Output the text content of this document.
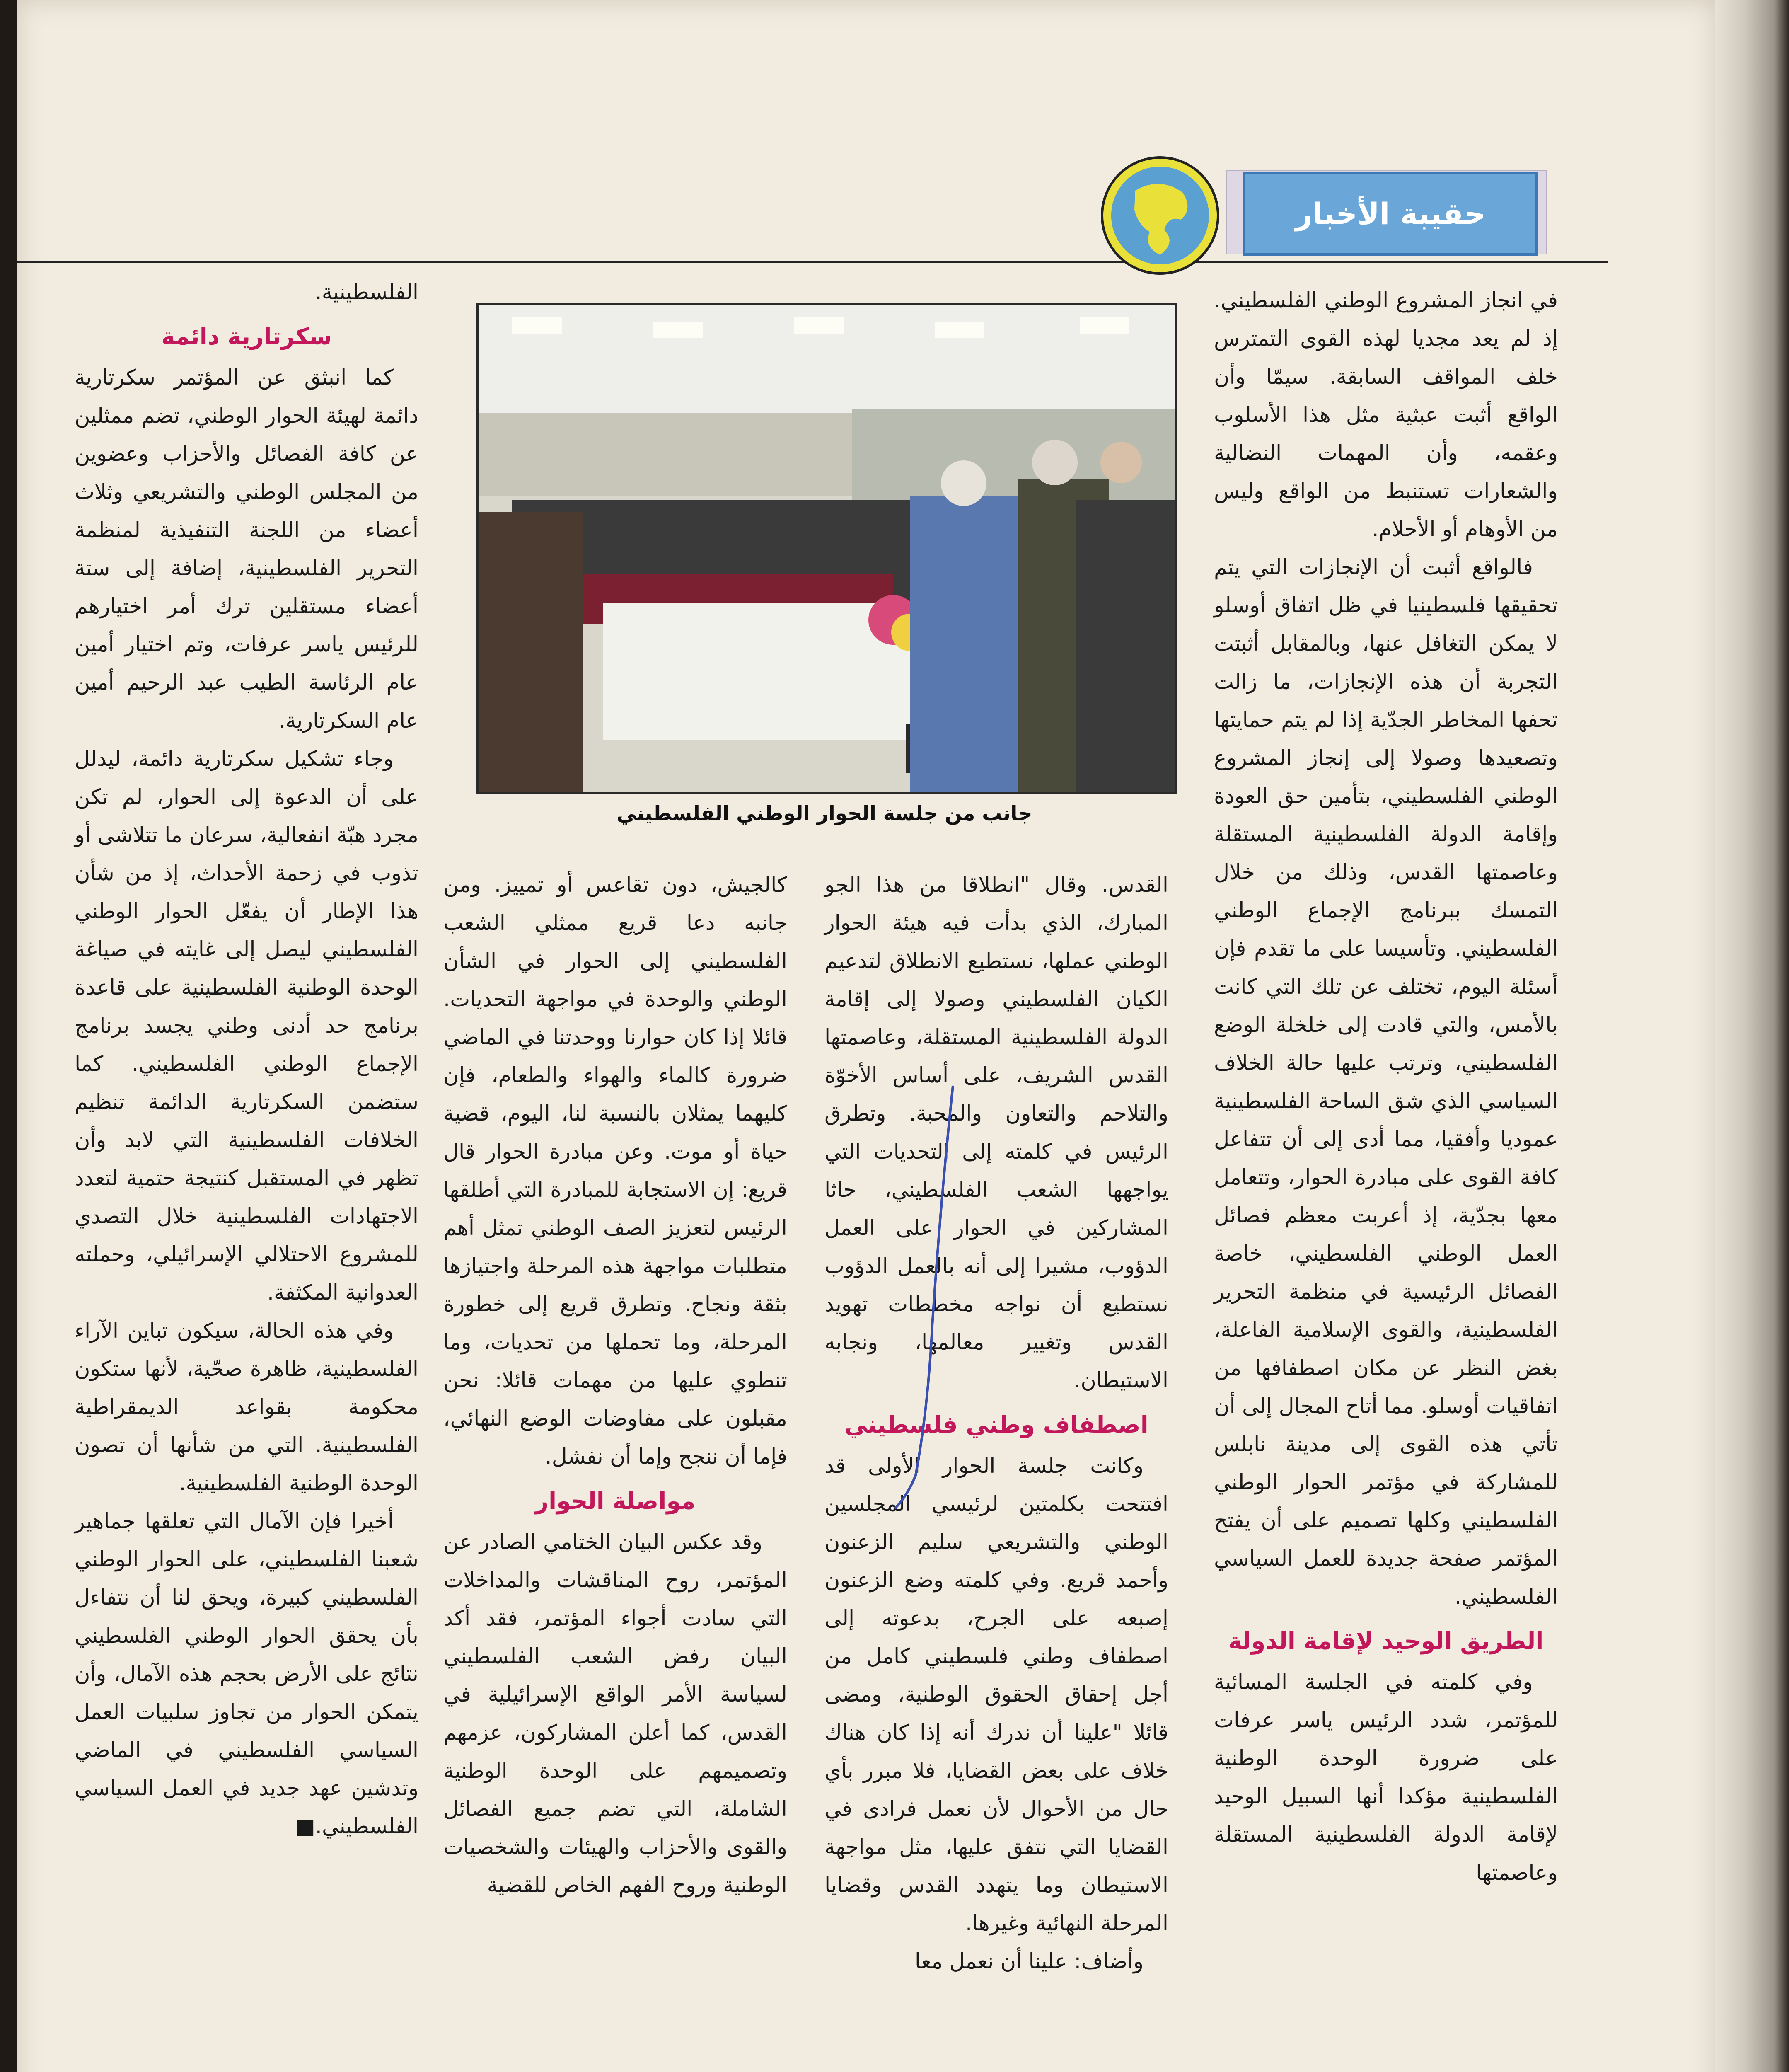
حقيبة الأخبار
جانب من جلسة الحوار الوطني الفلسطيني

في انجاز المشروع الوطني الفلسطيني. إذ لم يعد مجديا لهذه القوى التمترس خلف المواقف السابقة. سيمّا وأن الواقع أثبت عبثية مثل هذا الأسلوب وعقمه، وأن المهمات النضالية والشعارات تستنبط من الواقع وليس من الأوهام أو الأحلام.

فالواقع أثبت أن الإنجازات التي يتم تحقيقها فلسطينيا في ظل اتفاق أوسلو لا يمكن التغافل عنها، وبالمقابل أثبتت التجربة أن هذه الإنجازات، ما زالت تحفها المخاطر الجدّية إذا لم يتم حمايتها وتصعيدها وصولا إلى إنجاز المشروع الوطني الفلسطيني، بتأمين حق العودة وإقامة الدولة الفلسطينية المستقلة وعاصمتها القدس، وذلك من خلال التمسك ببرنامج الإجماع الوطني الفلسطيني. وتأسيسا على ما تقدم فإن أسئلة اليوم، تختلف عن تلك التي كانت بالأمس، والتي قادت إلى خلخلة الوضع الفلسطيني، وترتب عليها حالة الخلاف السياسي الذي شق الساحة الفلسطينية عموديا وأفقيا، مما أدى إلى أن تتفاعل كافة القوى على مبادرة الحوار، وتتعامل معها بجدّية، إذ أعربت معظم فصائل العمل الوطني الفلسطيني، خاصة الفصائل الرئيسية في منظمة التحرير الفلسطينية، والقوى الإسلامية الفاعلة، بغض النظر عن مكان اصطفافها من اتفاقيات أوسلو. مما أتاح المجال إلى أن تأتي هذه القوى إلى مدينة نابلس للمشاركة في مؤتمر الحوار الوطني الفلسطيني وكلها تصميم على أن يفتح المؤتمر صفحة جديدة للعمل السياسي الفلسطيني.

الطريق الوحيد لإقامة الدولة

وفي كلمته في الجلسة المسائية للمؤتمر، شدد الرئيس ياسر عرفات على ضرورة الوحدة الوطنية الفلسطينية مؤكدا أنها السبيل الوحيد لإقامة الدولة الفلسطينية المستقلة وعاصمتها

القدس. وقال "انطلاقا من هذا الجو المبارك، الذي بدأت فيه هيئة الحوار الوطني عملها، نستطيع الانطلاق لتدعيم الكيان الفلسطيني وصولا إلى إقامة الدولة الفلسطينية المستقلة، وعاصمتها القدس الشريف، على أساس الأخوّة والتلاحم والتعاون والمحبة. وتطرق الرئيس في كلمته إلى التحديات التي يواجهها الشعب الفلسطيني، حاثا المشاركين في الحوار على العمل الدؤوب، مشيرا إلى أنه بالعمل الدؤوب نستطيع أن نواجه مخططات تهويد القدس وتغيير معالمها، ونجابه الاستيطان.

اصطفاف وطني فلسطيني

وكانت جلسة الحوار الأولى قد افتتحت بكلمتين لرئيسي المجلسين الوطني والتشريعي سليم الزعنون وأحمد قريع. وفي كلمته وضع الزعنون إصبعه على الجرح، بدعوته إلى اصطفاف وطني فلسطيني كامل من أجل إحقاق الحقوق الوطنية، ومضى قائلا "علينا أن ندرك أنه إذا كان هناك خلاف على بعض القضايا، فلا مبرر بأي حال من الأحوال لأن نعمل فرادى في القضايا التي نتفق عليها، مثل مواجهة الاستيطان وما يتهدد القدس وقضايا المرحلة النهائية وغيرها.

وأضاف: علينا أن نعمل معا

كالجيش، دون تقاعس أو تمييز. ومن جانبه دعا قريع ممثلي الشعب الفلسطيني إلى الحوار في الشأن الوطني والوحدة في مواجهة التحديات. قائلا إذا كان حوارنا ووحدتنا في الماضي ضرورة كالماء والهواء والطعام، فإن كليهما يمثلان بالنسبة لنا، اليوم، قضية حياة أو موت. وعن مبادرة الحوار قال قريع: إن الاستجابة للمبادرة التي أطلقها الرئيس لتعزيز الصف الوطني تمثل أهم متطلبات مواجهة هذه المرحلة واجتيازها بثقة ونجاح. وتطرق قريع إلى خطورة المرحلة، وما تحملها من تحديات، وما تنطوي عليها من مهمات قائلا: نحن مقبلون على مفاوضات الوضع النهائي، فإما أن ننجح وإما أن نفشل.

مواصلة الحوار

وقد عكس البيان الختامي الصادر عن المؤتمر، روح المناقشات والمداخلات التي سادت أجواء المؤتمر، فقد أكد البيان رفض الشعب الفلسطيني لسياسة الأمر الواقع الإسرائيلية في القدس، كما أعلن المشاركون، عزمهم وتصميمهم على الوحدة الوطنية الشاملة، التي تضم جميع الفصائل والقوى والأحزاب والهيئات والشخصيات الوطنية وروح الفهم الخاص للقضية

الفلسطينية.

سكرتارية دائمة

كما انبثق عن المؤتمر سكرتارية دائمة لهيئة الحوار الوطني، تضم ممثلين عن كافة الفصائل والأحزاب وعضوين من المجلس الوطني والتشريعي وثلاث أعضاء من اللجنة التنفيذية لمنظمة التحرير الفلسطينية، إضافة إلى ستة أعضاء مستقلين ترك أمر اختيارهم للرئيس ياسر عرفات، وتم اختيار أمين عام الرئاسة الطيب عبد الرحيم أمين عام السكرتارية.

وجاء تشكيل سكرتارية دائمة، ليدلل على أن الدعوة إلى الحوار، لم تكن مجرد هبّة انفعالية، سرعان ما تتلاشى أو تذوب في زحمة الأحداث، إذ من شأن هذا الإطار أن يفعّل الحوار الوطني الفلسطيني ليصل إلى غايته في صياغة الوحدة الوطنية الفلسطينية على قاعدة برنامج حد أدنى وطني يجسد برنامج الإجماع الوطني الفلسطيني. كما ستضمن السكرتارية الدائمة تنظيم الخلافات الفلسطينية التي لابد وأن تظهر في المستقبل كنتيجة حتمية لتعدد الاجتهادات الفلسطينية خلال التصدي للمشروع الاحتلالي الإسرائيلي، وحملته العدوانية المكثفة.

وفي هذه الحالة، سيكون تباين الآراء الفلسطينية، ظاهرة صحّية، لأنها ستكون محكومة بقواعد الديمقراطية الفلسطينية. التي من شأنها أن تصون الوحدة الوطنية الفلسطينية.

أخيرا فإن الآمال التي تعلقها جماهير شعبنا الفلسطيني، على الحوار الوطني الفلسطيني كبيرة، ويحق لنا أن نتفاءل بأن يحقق الحوار الوطني الفلسطيني نتائج على الأرض بحجم هذه الآمال، وأن يتمكن الحوار من تجاوز سلبيات العمل السياسي الفلسطيني في الماضي وتدشين عهد جديد في العمل السياسي الفلسطيني.■
